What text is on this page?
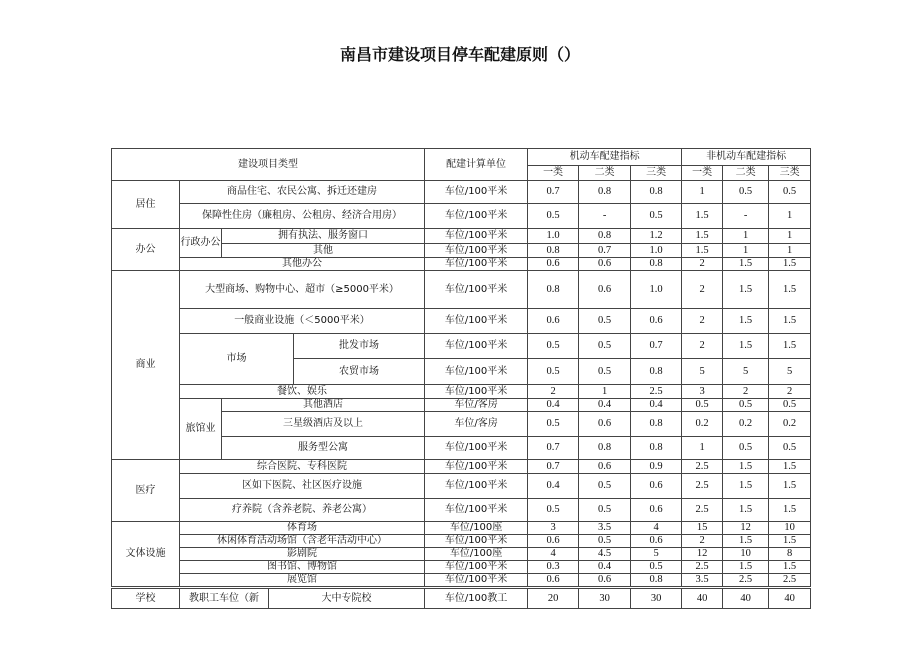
南昌市建设项目停车配建原则（）
建设项目类型					配建计算单位	机动车配建指标			非机动车配建指标		
						一类	二类	三类	一类	二类	三类
居住	商品住宅、农民公寓、拆迁还建房				车位/100平米	0.7	0.8	0.8	1	0.5	0.5
	保障性住房（廉租房、公租房、经济合用房）				车位/100平米	0.5	-	0.5	1.5	-	1
办公	行政办公	拥有执法、服务窗口			车位/100平米	1.0	0.8	1.2	1.5	1	1
		其他			车位/100平米	0.8	0.7	1.0	1.5	1	1
	其他办公				车位/100平米	0.6	0.6	0.8	2	1.5	1.5
商业	大型商场、购物中心、超市（≥5000平米）				车位/100平米	0.8	0.6	1.0	2	1.5	1.5
	一般商业设施（＜5000平米）				车位/100平米	0.6	0.5	0.6	2	1.5	1.5
	市场			批发市场	车位/100平米	0.5	0.5	0.7	2	1.5	1.5
				农贸市场	车位/100平米	0.5	0.5	0.8	5	5	5
	餐饮、娱乐				车位/100平米	2	1	2.5	3	2	2
	旅馆业	其他酒店			车位/客房	0.4	0.4	0.4	0.5	0.5	0.5
		三星级酒店及以上			车位/客房	0.5	0.6	0.8	0.2	0.2	0.2
		服务型公寓			车位/100平米	0.7	0.8	0.8	1	0.5	0.5
医疗	综合医院、专科医院				车位/100平米	0.7	0.6	0.9	2.5	1.5	1.5
	区如下医院、社区医疗设施				车位/100平米	0.4	0.5	0.6	2.5	1.5	1.5
	疗养院（含养老院、养老公寓）				车位/100平米	0.5	0.5	0.6	2.5	1.5	1.5
文体设施	体育场				车位/100座	3	3.5	4	15	12	10
	休闲体育活动场馆（含老年活动中心）				车位/100平米	0.6	0.5	0.6	2	1.5	1.5
	影剧院				车位/100座	4	4.5	5	12	10	8
	图书馆、博物馆				车位/100平米	0.3	0.4	0.5	2.5	1.5	1.5
	展览馆				车位/100平米	0.6	0.6	0.8	3.5	2.5	2.5
学校	教职工车位（新		大中专院校		车位/100教工	20	30	30	40	40	40
